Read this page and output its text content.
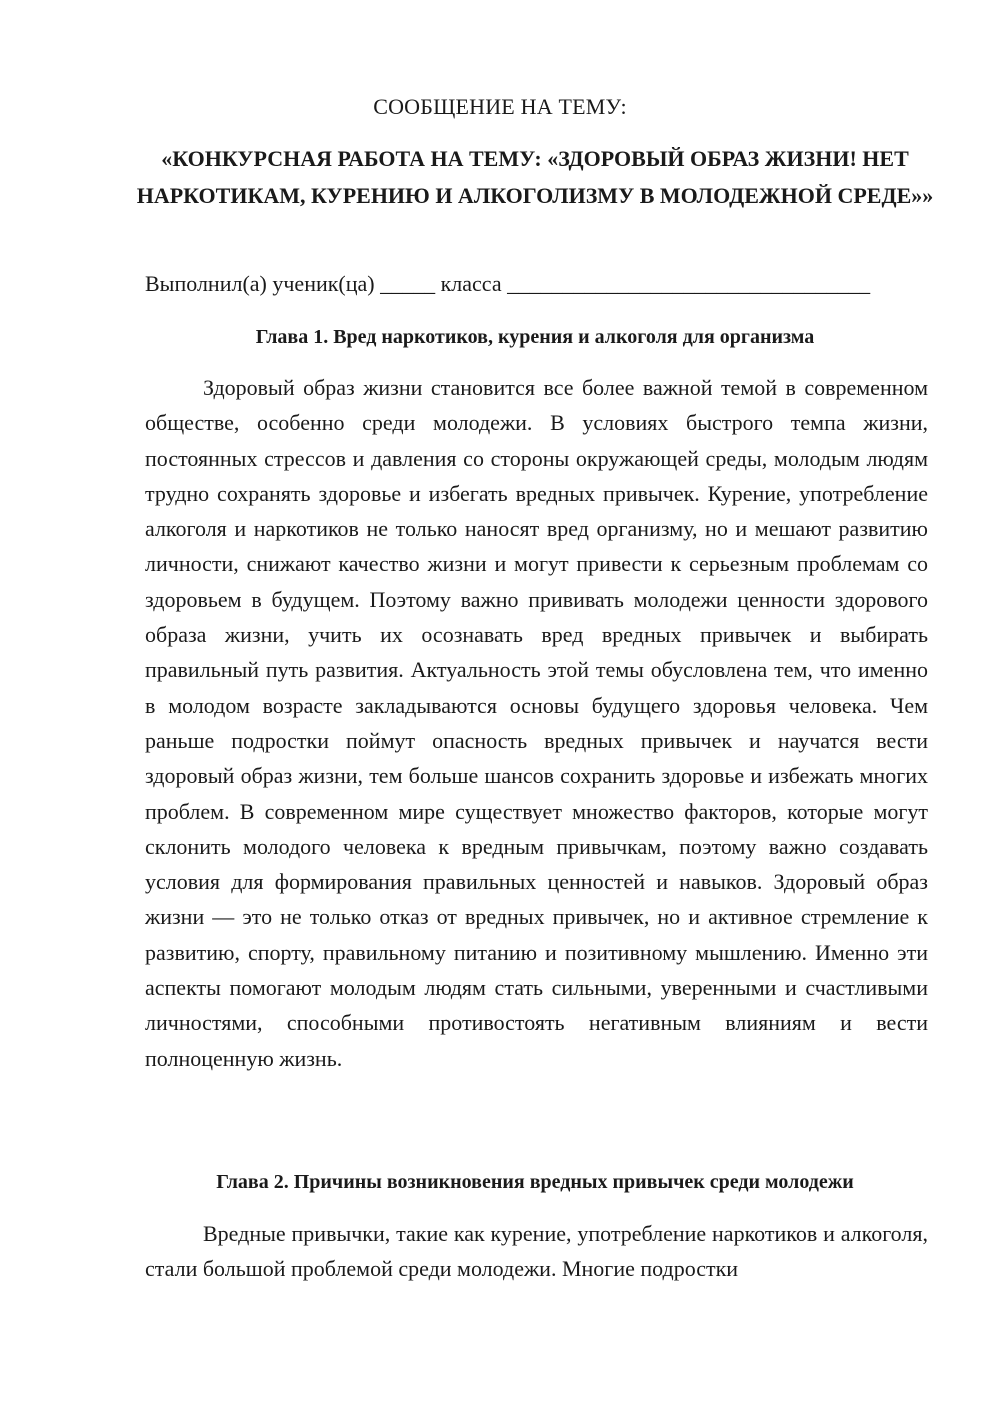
СООБЩЕНИЕ НА ТЕМУ:
«КОНКУРСНАЯ РАБОТА НА ТЕМУ: «ЗДОРОВЫЙ ОБРАЗ ЖИЗНИ! НЕТ НАРКОТИКАМ, КУРЕНИЮ И АЛКОГОЛИЗМУ В МОЛОДЕЖНОЙ СРЕДЕ»»
Выполнил(а) ученик(ца) _____ класса _________________________________
Глава 1. Вред наркотиков, курения и алкоголя для организма

Здоровый образ жизни становится все более важной темой в современном обществе, особенно среди молодежи. В условиях быстрого темпа жизни, постоянных стрессов и давления со стороны окружающей среды, молодым людям трудно сохранять здоровье и избегать вредных привычек. Курение, употребление алкоголя и наркотиков не только наносят вред организму, но и мешают развитию личности, снижают качество жизни и могут привести к серьезным проблемам со здоровьем в будущем. Поэтому важно прививать молодежи ценности здорового образа жизни, учить их осознавать вред вредных привычек и выбирать правильный путь развития. Актуальность этой темы обусловлена тем, что именно в молодом возрасте закладываются основы будущего здоровья человека. Чем раньше подростки поймут опасность вредных привычек и научатся вести здоровый образ жизни, тем больше шансов сохранить здоровье и избежать многих проблем. В современном мире существует множество факторов, которые могут склонить молодого человека к вредным привычкам, поэтому важно создавать условия для формирования правильных ценностей и навыков. Здоровый образ жизни — это не только отказ от вредных привычек, но и активное стремление к развитию, спорту, правильному питанию и позитивному мышлению. Именно эти аспекты помогают молодым людям стать сильными, уверенными и счастливыми личностями, способными противостоять негативным влияниям и вести полноценную жизнь.

Глава 2. Причины возникновения вредных привычек среди молодежи

Вредные привычки, такие как курение, употребление наркотиков и алкоголя, стали большой проблемой среди молодежи. Многие подростки
